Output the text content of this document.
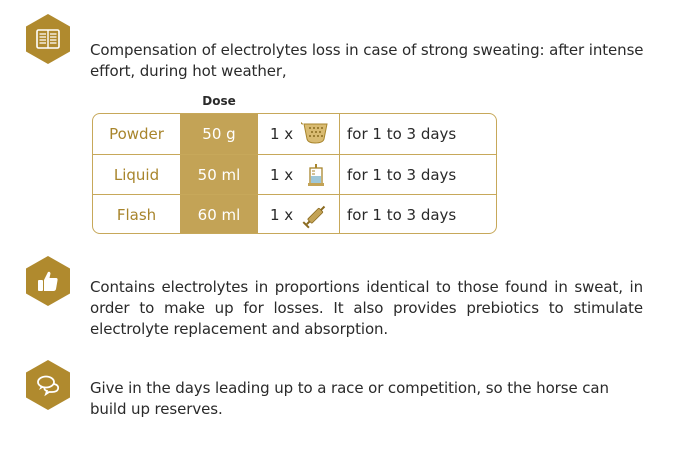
Compensation of electrolytes loss in case of strong sweating: after intense effort, during hot weather,
Dose
Powder	50 g	1 x	for 1 to 3 days
Liquid	50 ml	1 x	for 1 to 3 days
Flash	60 ml	1 x	for 1 to 3 days
Contains electrolytes in proportions identical to those found in sweat, in order to make up for losses. It also provides prebiotics to stimulate electrolyte replacement and absorption.
Give in the days leading up to a race or competition, so the horse can build up reserves.
